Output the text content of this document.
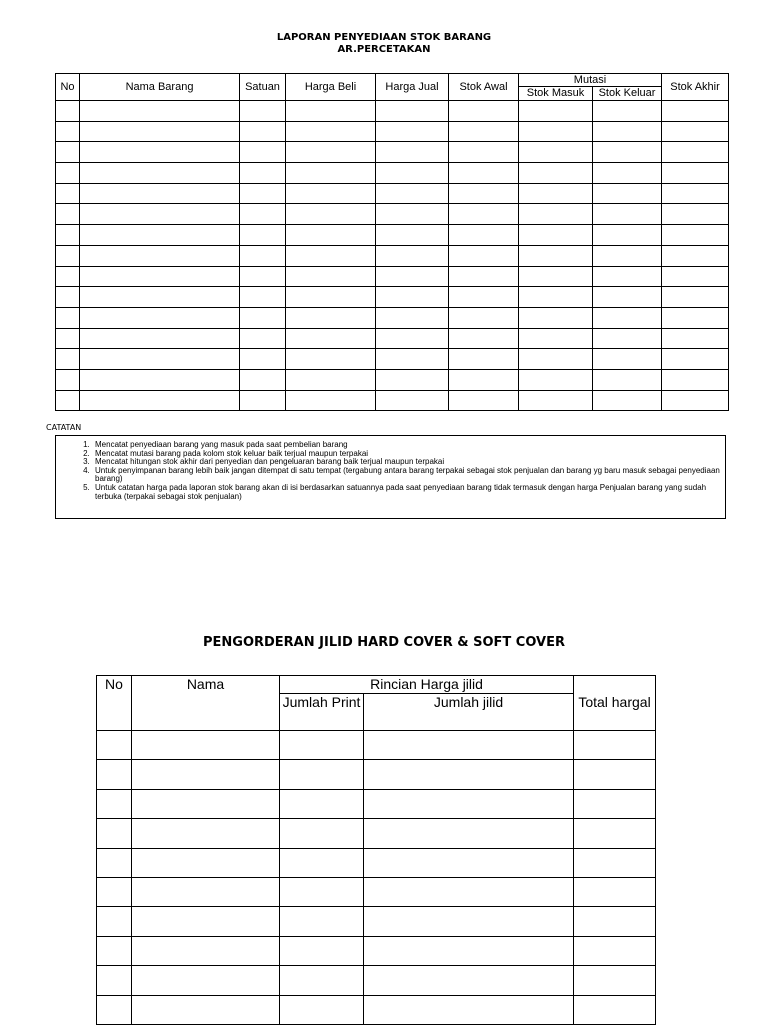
LAPORAN PENYEDIAAN STOK BARANG
AR.PERCETAKAN
No	Nama Barang	Satuan	Harga Beli	Harga Jual	Stok Awal	Mutasi		Stok Akhir
						Stok Masuk	Stok Keluar	

CATATAN
1. Mencatat penyediaan barang yang masuk pada saat pembelian barang
2. Mencatat mutasi barang pada kolom stok keluar baik terjual maupun terpakai
3. Mencatat hitungan stok akhir dari penyedian dan pengeluaran barang baik terjual maupun terpakai
4. Untuk penyimpanan barang lebih baik jangan ditempat di satu tempat (tergabung antara barang terpakai sebagai stok penjualan dan barang yg baru masuk sebagai penyediaan barang)
5. Untuk catatan harga pada laporan stok barang akan di isi berdasarkan satuannya pada saat penyediaan barang tidak termasuk dengan harga Penjualan barang yang sudah terbuka (terpakai sebagai stok penjualan)
PENGORDERAN JILID HARD COVER & SOFT COVER
No	Nama	Rincian Harga jilid		
		Jumlah Print	Jumlah jilid	Total hargal
